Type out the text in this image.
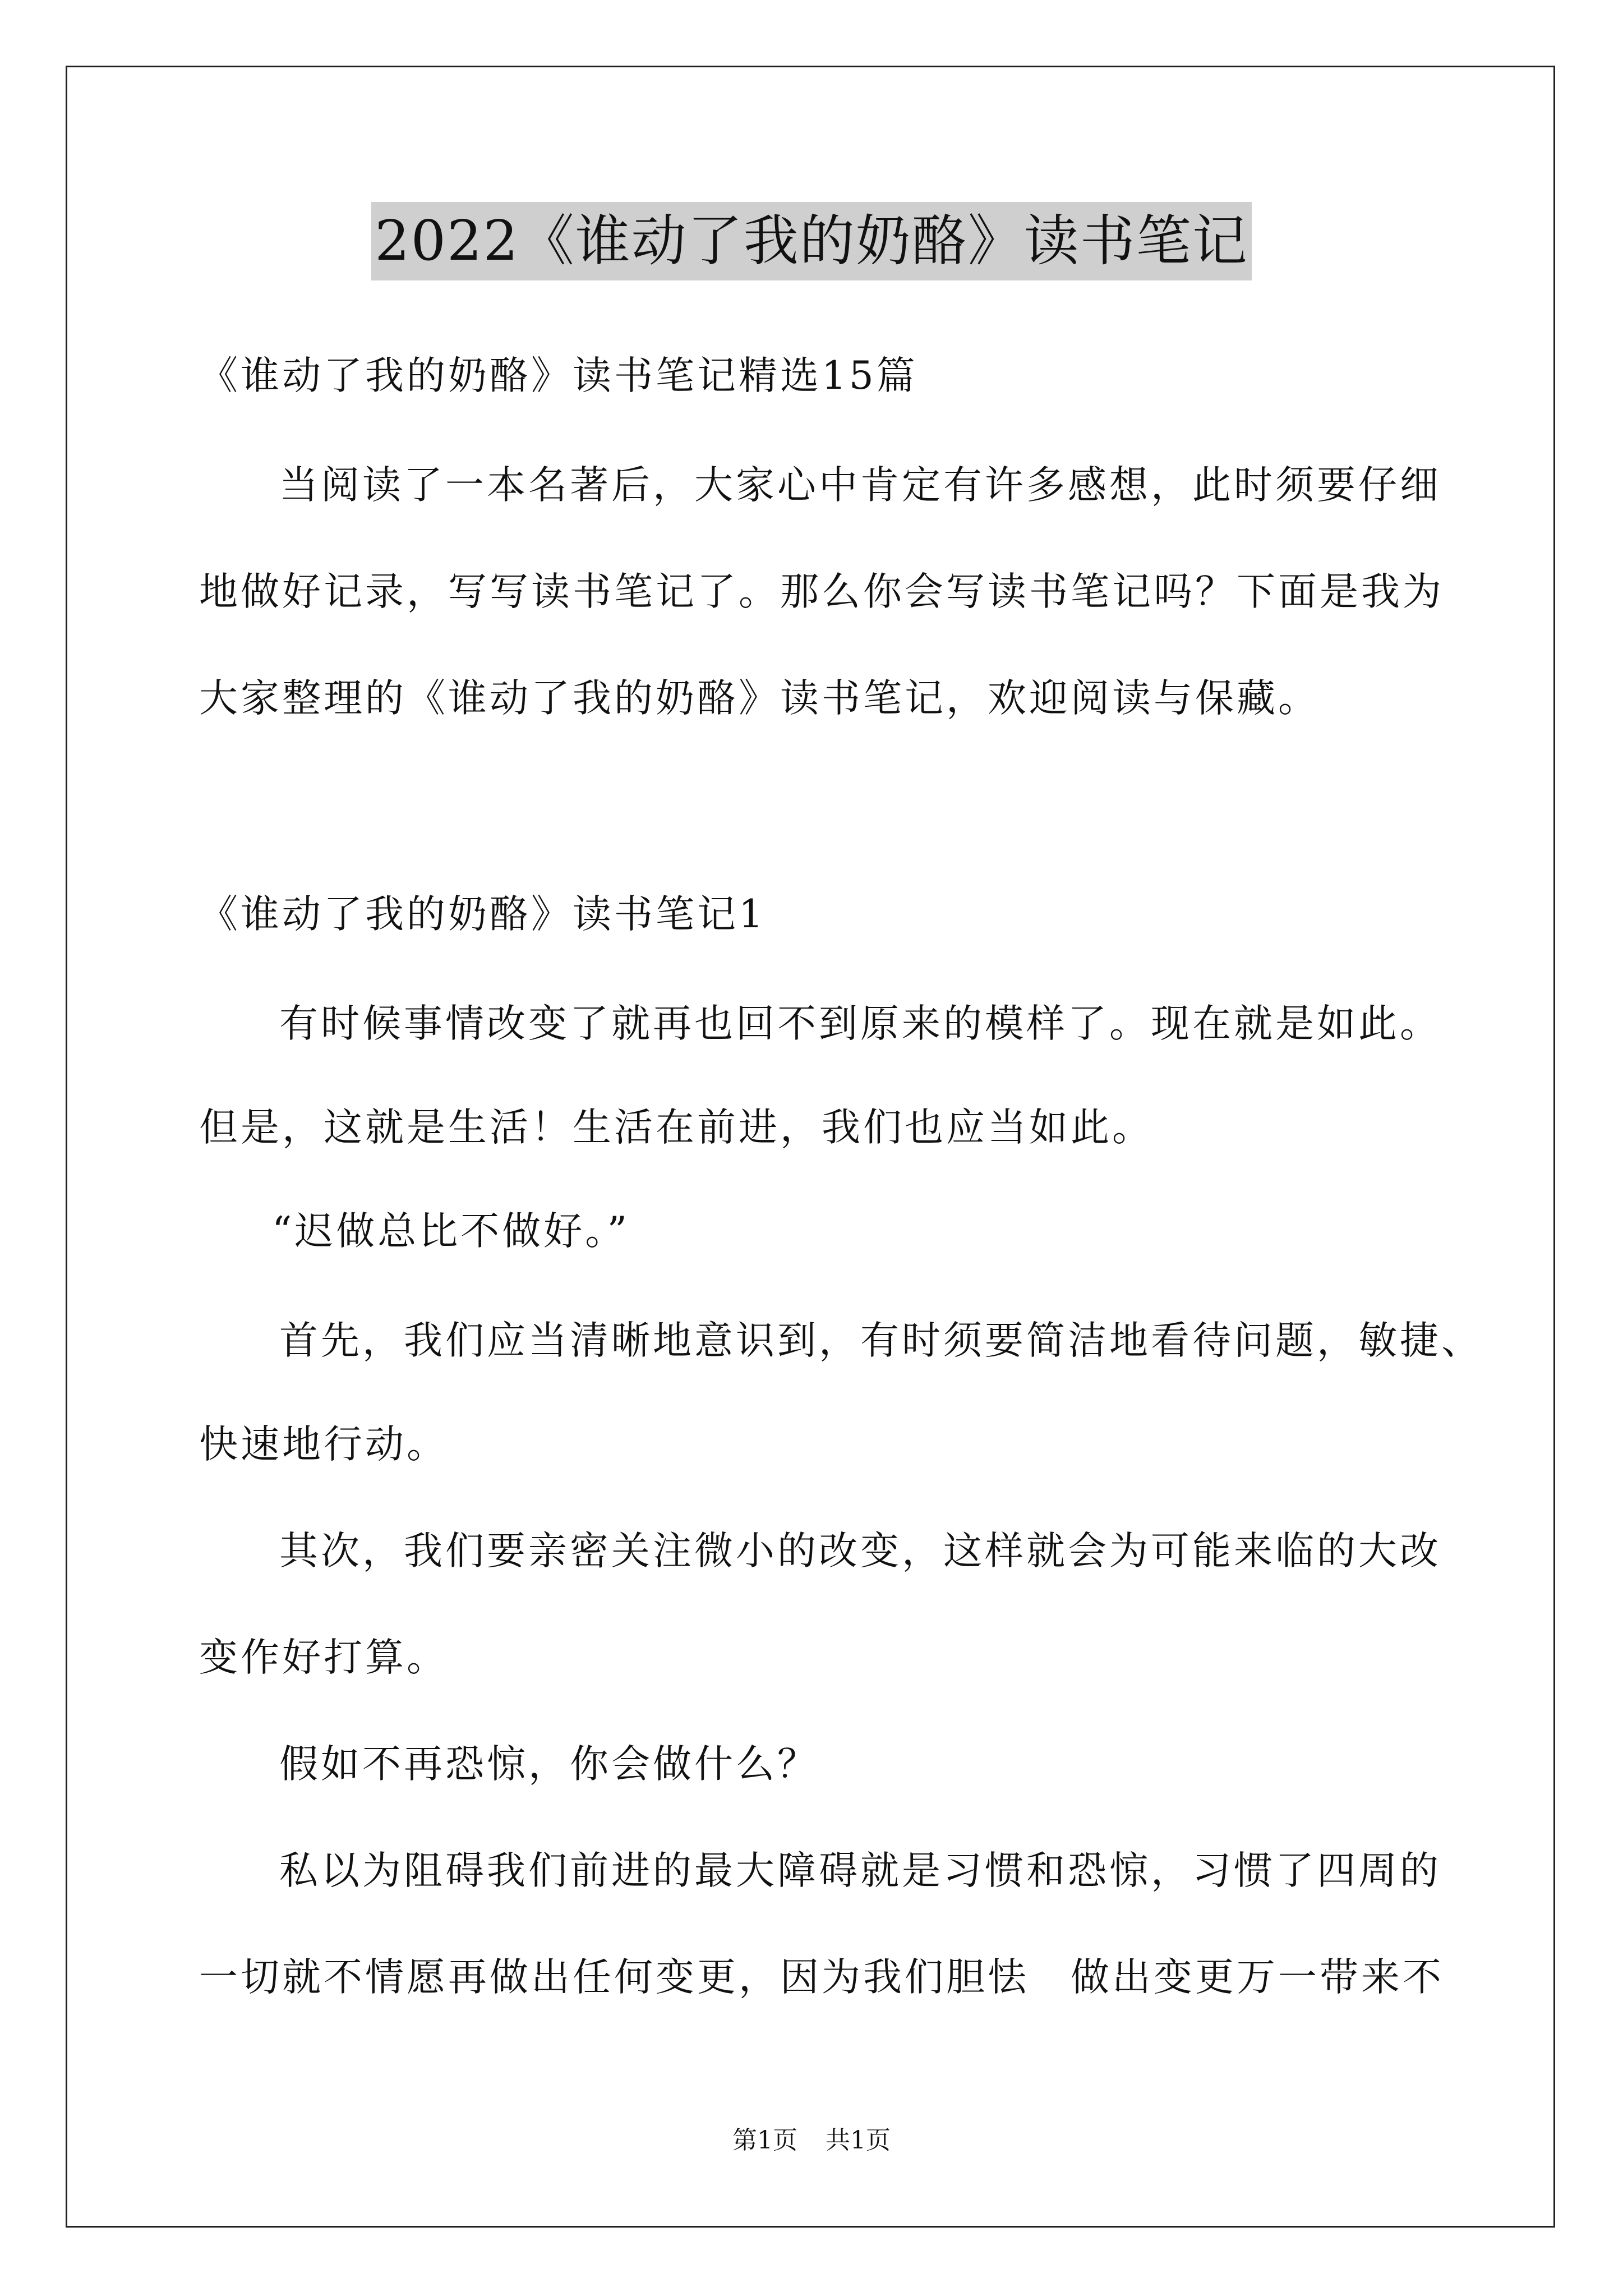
2022《谁动了我的奶酪》读书笔记
《谁动了我的奶酪》读书笔记精选15篇
当阅读了一本名著后，大家心中肯定有许多感想，此时须要仔细
地做好记录，写写读书笔记了。那么你会写读书笔记吗？下面是我为
大家整理的《谁动了我的奶酪》读书笔记，欢迎阅读与保藏。
《谁动了我的奶酪》读书笔记1
有时候事情改变了就再也回不到原来的模样了。现在就是如此。
但是，这就是生活！生活在前进，我们也应当如此。
“迟做总比不做好。”
首先，我们应当清晰地意识到，有时须要简洁地看待问题，敏捷、
快速地行动。
其次，我们要亲密关注微小的改变，这样就会为可能来临的大改
变作好打算。
假如不再恐惊，你会做什么？
私以为阻碍我们前进的最大障碍就是习惯和恐惊，习惯了四周的
一切就不情愿再做出任何变更，因为我们胆怯　做出变更万一带来不
第1页 共1页
